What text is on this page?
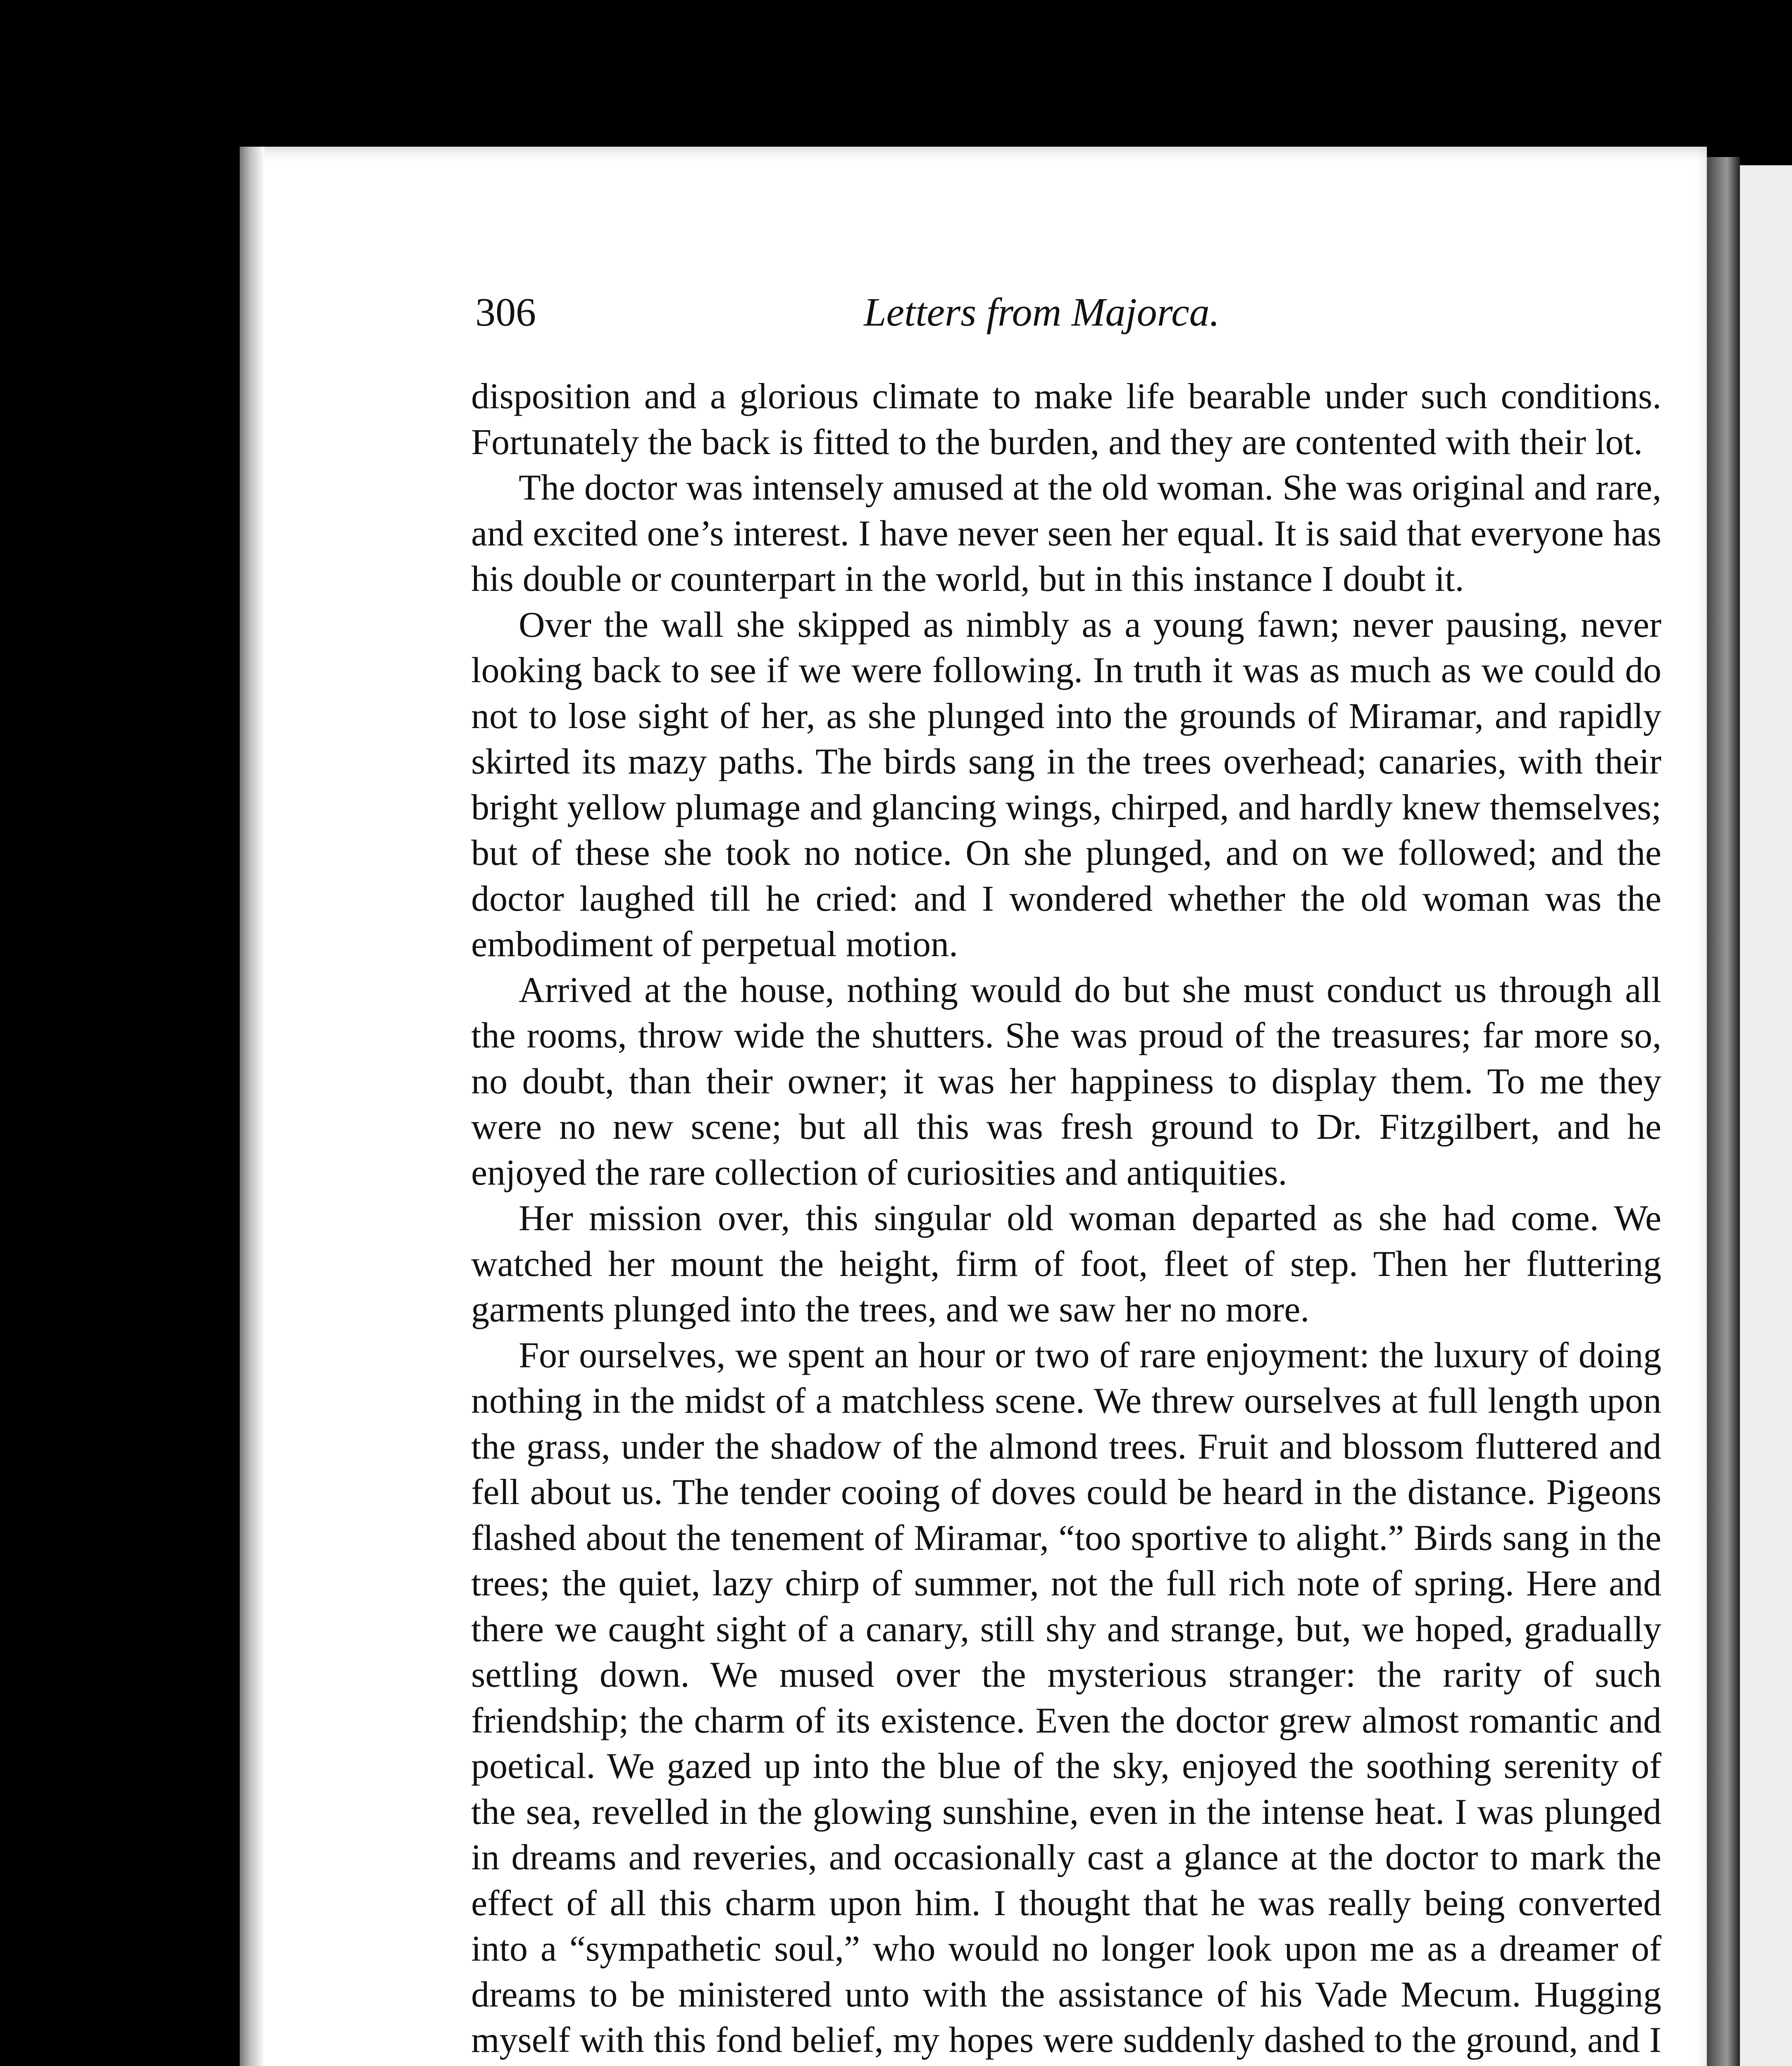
306	Letters from Majorca.

disposition and a glorious climate to make life bearable under such conditions. Fortunately the back is fitted to the burden, and they are contented with their lot.

The doctor was intensely amused at the old woman. She was original and rare, and excited one’s interest. I have never seen her equal. It is said that everyone has his double or counterpart in the world, but in this instance I doubt it.

Over the wall she skipped as nimbly as a young fawn; never pausing, never looking back to see if we were following. In truth it was as much as we could do not to lose sight of her, as she plunged into the grounds of Miramar, and rapidly skirted its mazy paths. The birds sang in the trees overhead; canaries, with their bright yellow plumage and glancing wings, chirped, and hardly knew themselves; but of these she took no notice. On she plunged, and on we followed; and the doctor laughed till he cried: and I wondered whether the old woman was the embodiment of perpetual motion.

Arrived at the house, nothing would do but she must conduct us through all the rooms, throw wide the shutters. She was proud of the treasures; far more so, no doubt, than their owner; it was her happiness to display them. To me they were no new scene; but all this was fresh ground to Dr. Fitzgilbert, and he enjoyed the rare collection of curiosities and antiquities.

Her mission over, this singular old woman departed as she had come. We watched her mount the height, firm of foot, fleet of step. Then her fluttering garments plunged into the trees, and we saw her no more.

For ourselves, we spent an hour or two of rare enjoyment: the luxury of doing nothing in the midst of a matchless scene. We threw ourselves at full length upon the grass, under the shadow of the almond trees. Fruit and blossom fluttered and fell about us. The tender cooing of doves could be heard in the distance. Pigeons flashed about the tenement of Miramar, “too sportive to alight.” Birds sang in the trees; the quiet, lazy chirp of summer, not the full rich note of spring. Here and there we caught sight of a canary, still shy and strange, but, we hoped, gradually settling down. We mused over the mysterious stranger: the rarity of such friendship; the charm of its existence. Even the doctor grew almost romantic and poetical. We gazed up into the blue of the sky, enjoyed the soothing serenity of the sea, revelled in the glowing sunshine, even in the intense heat. I was plunged in dreams and reveries, and occasionally cast a glance at the doctor to mark the effect of all this charm upon him. I thought that he was really being converted into a “sympathetic soul,” who would no longer look upon me as a dreamer of dreams to be ministered unto with the assistance of his Vade Mecum. Hugging myself with this fond belief, my hopes were suddenly dashed to the ground, and I
